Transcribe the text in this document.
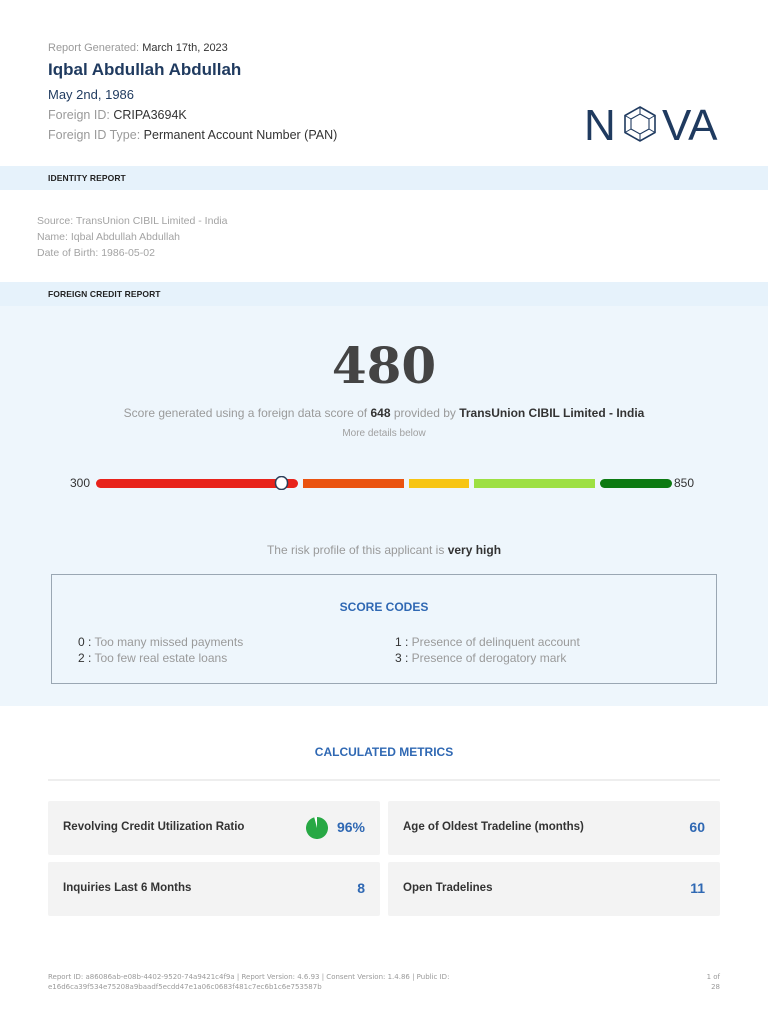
Report Generated: March 17th, 2023
Iqbal Abdullah Abdullah
May 2nd, 1986
Foreign ID: CRIPA3694K
Foreign ID Type: Permanent Account Number (PAN)	N VA
IDENTITY REPORT
Source: TransUnion CIBIL Limited - India
Name: Iqbal Abdullah Abdullah
Date of Birth: 1986-05-02
FOREIGN CREDIT REPORT
480
Score generated using a foreign data score of 648 provided by TransUnion CIBIL Limited - India
More details below
300	850
The risk profile of this applicant is very high
SCORE CODES
0 : Too many missed payments	1 : Presence of delinquent account
2 : Too few real estate loans	3 : Presence of derogatory mark
CALCULATED METRICS
Revolving Credit Utilization Ratio	96%	Age of Oldest Tradeline (months)	60
Inquiries Last 6 Months	8	Open Tradelines	11
Report ID: a86086ab-e08b-4402-9520-74a9421c4f9a | Report Version: 4.6.93 | Consent Version: 1.4.86 | Public ID: e16d6ca39f534e75208a9baadf5ecdd47e1a06c0683f481c7ec6b1c6e753587b
1 of
28
